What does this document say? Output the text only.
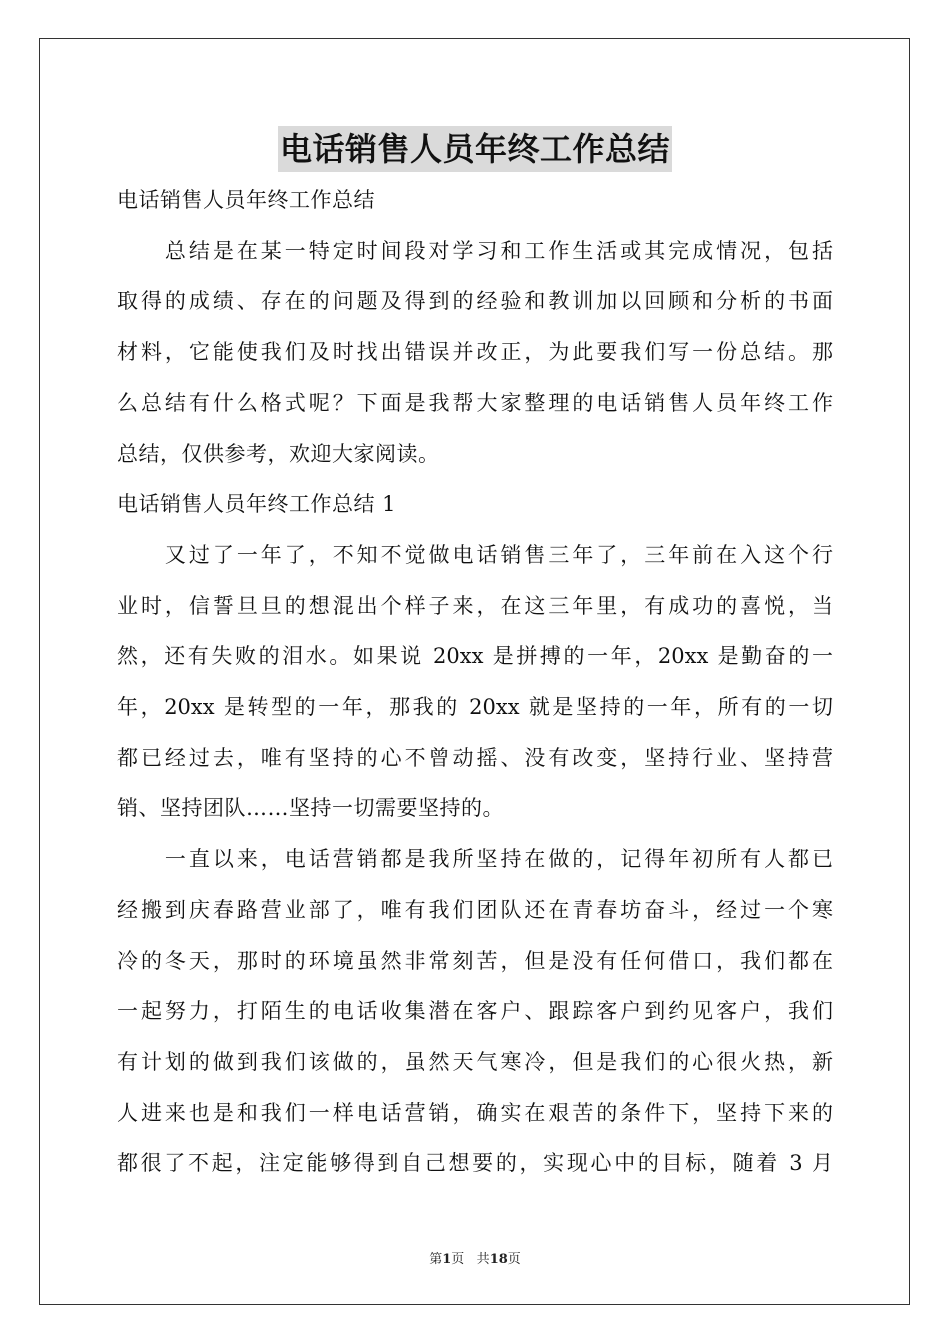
电话销售人员年终工作总结
电话销售人员年终工作总结
　　总结是在某一特定时间段对学习和工作生活或其完成情况，包括
取得的成绩、存在的问题及得到的经验和教训加以回顾和分析的书面
材料，它能使我们及时找出错误并改正，为此要我们写一份总结。那
么总结有什么格式呢？下面是我帮大家整理的电话销售人员年终工作
总结，仅供参考，欢迎大家阅读。
电话销售人员年终工作总结 1
　　又过了一年了，不知不觉做电话销售三年了，三年前在入这个行
业时，信誓旦旦的想混出个样子来，在这三年里，有成功的喜悦，当
然，还有失败的泪水。如果说 20xx 是拼搏的一年，20xx 是勤奋的一
年，20xx 是转型的一年，那我的 20xx 就是坚持的一年，所有的一切
都已经过去，唯有坚持的心不曾动摇、没有改变，坚持行业、坚持营
销、坚持团队……坚持一切需要坚持的。
　　一直以来，电话营销都是我所坚持在做的，记得年初所有人都已
经搬到庆春路营业部了，唯有我们团队还在青春坊奋斗，经过一个寒
冷的冬天，那时的环境虽然非常刻苦，但是没有任何借口，我们都在
一起努力，打陌生的电话收集潜在客户、跟踪客户到约见客户，我们
有计划的做到我们该做的，虽然天气寒冷，但是我们的心很火热，新
人进来也是和我们一样电话营销，确实在艰苦的条件下，坚持下来的
都很了不起，注定能够得到自己想要的，实现心中的目标，随着 3 月
第1页 共18页
